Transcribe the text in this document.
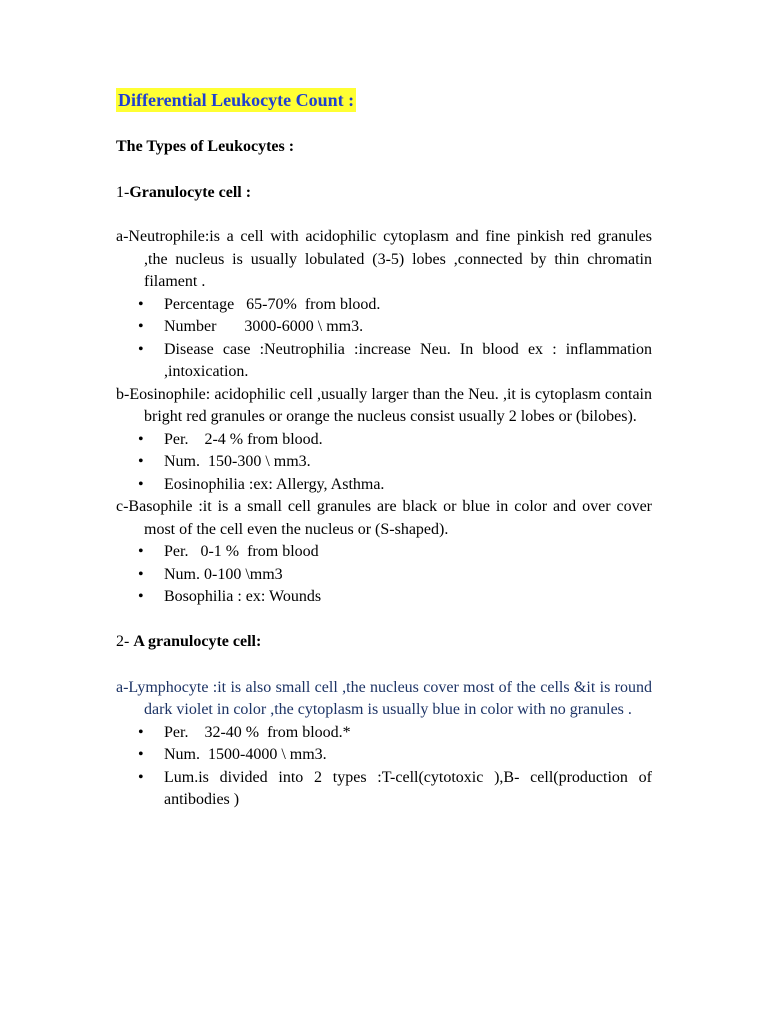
Differential Leukocyte Count :

The Types of Leukocytes :

1-Granulocyte cell :

a-Neutrophile:is a cell with acidophilic cytoplasm and fine pinkish red granules ,the nucleus is usually lobulated (3-5) lobes ,connected by thin chromatin filament .

• Percentage   65-70%  from blood.
• Number       3000-6000 \ mm3.
• Disease case :Neutrophilia :increase Neu. In blood ex : inflammation ,intoxication.

b-Eosinophile: acidophilic cell ,usually larger than the Neu. ,it is cytoplasm contain bright red granules or orange the nucleus consist usually 2 lobes or (bilobes).

• Per.    2-4 % from blood.
• Num.  150-300 \ mm3.
• Eosinophilia :ex: Allergy, Asthma.

c-Basophile :it is a small cell granules are black or blue in color and over cover most of the cell even the nucleus or (S-shaped).

• Per.   0-1 %  from blood
• Num. 0-100 \mm3
• Bosophilia : ex: Wounds

2- A granulocyte cell:

a-Lymphocyte :it is also small cell ,the nucleus cover most of the cells &it is round dark violet in color ,the cytoplasm is usually blue in color with no granules .

• Per.    32-40 %  from blood.*
• Num.  1500-4000 \ mm3.
• Lum.is divided into 2 types :T-cell(cytotoxic ),B- cell(production of antibodies )
